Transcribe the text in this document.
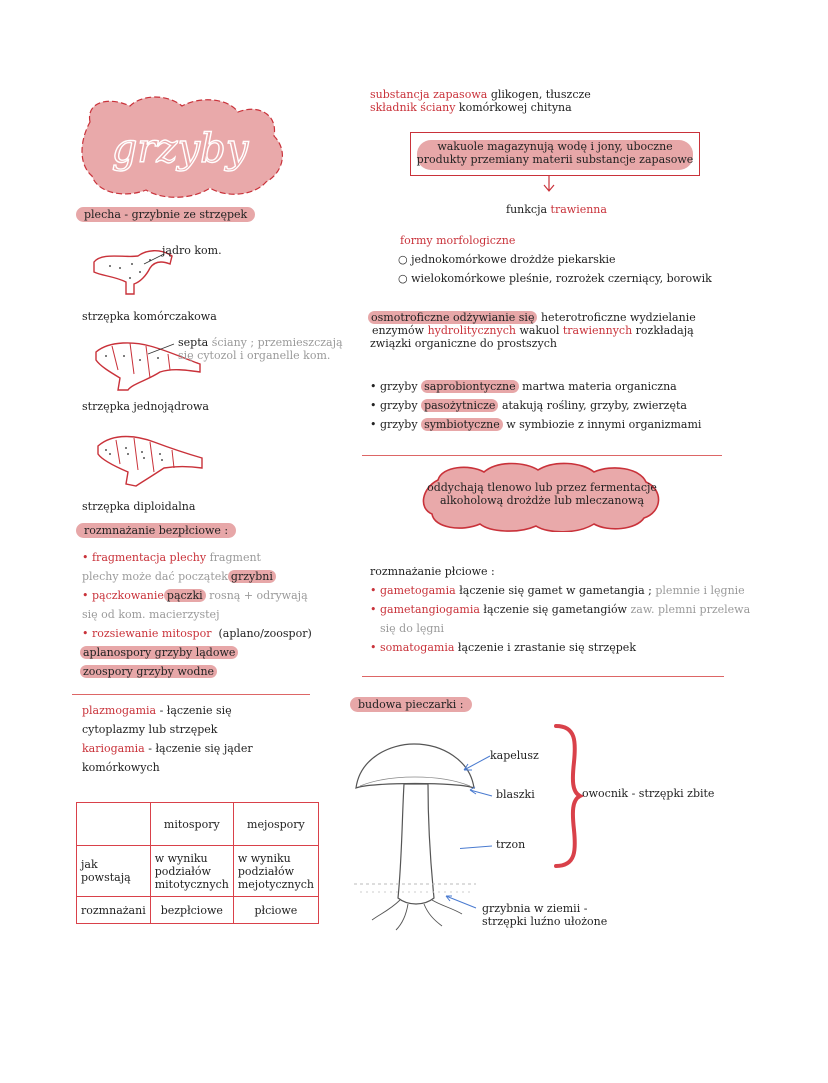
grzyby
plecha - grzybnie ze strzępek
jądro kom.
strzępka komórczakowa
septa ściany ; przemieszczają
się cytozol i organelle kom.
strzępka jednojądrowa
strzępka diploidalna
rozmnażanie bezpłciowe :
• fragmentacja plechy fragment
plechy może dać początek grzybni
• pączkowanie pączki rosną + odrywają
się od kom. macierzystej
• rozsiewanie mitospor (aplano/zoospor)
aplanospory grzyby lądowe
zoospory grzyby wodne
plazmogamia - łączenie się
cytoplazmy lub strzępek
kariogamia - łączenie się jąder
komórkowych
	mitospory	mejospory
jak powstają	w wyniku podziałów mitotycznych	w wyniku podziałów mejotycznych
rozmnażani	bezpłciowe	płciowe
substancja zapasowa glikogen, tłuszcze
składnik ściany komórkowej chityna
wakuole magazynują wodę i jony, uboczne
produkty przemiany materii substancje zapasowe
funkcja trawienna
formy morfologiczne
○ jednokomórkowe drożdże piekarskie
○ wielokomórkowe pleśnie, rozrożek czerniący, borowik
osmotroficzne odżywianie się heterotroficzne wydzielanie
enzymów hydrolitycznych wakuol trawiennych rozkładają
związki organiczne do prostszych
• grzyby saprobiontyczne martwa materia organiczna
• grzyby pasożytnicze atakują rośliny, grzyby, zwierzęta
• grzyby symbiotyczne w symbiozie z innymi organizmami
oddychają tlenowo lub przez fermentacje
alkoholową drożdże lub mleczanową
rozmnażanie płciowe :
• gametogamia łączenie się gamet w gametangia ; plemnie i lęgnie
• gametangiogamia łączenie się gametangiów zaw. plemni przelewa
się do lęgni
• somatogamia łączenie i zrastanie się strzępek
budowa pieczarki :
kapelusz
blaszki
trzon
owocnik - strzępki zbite
grzybnia w ziemii -
strzępki luźno ułożone
